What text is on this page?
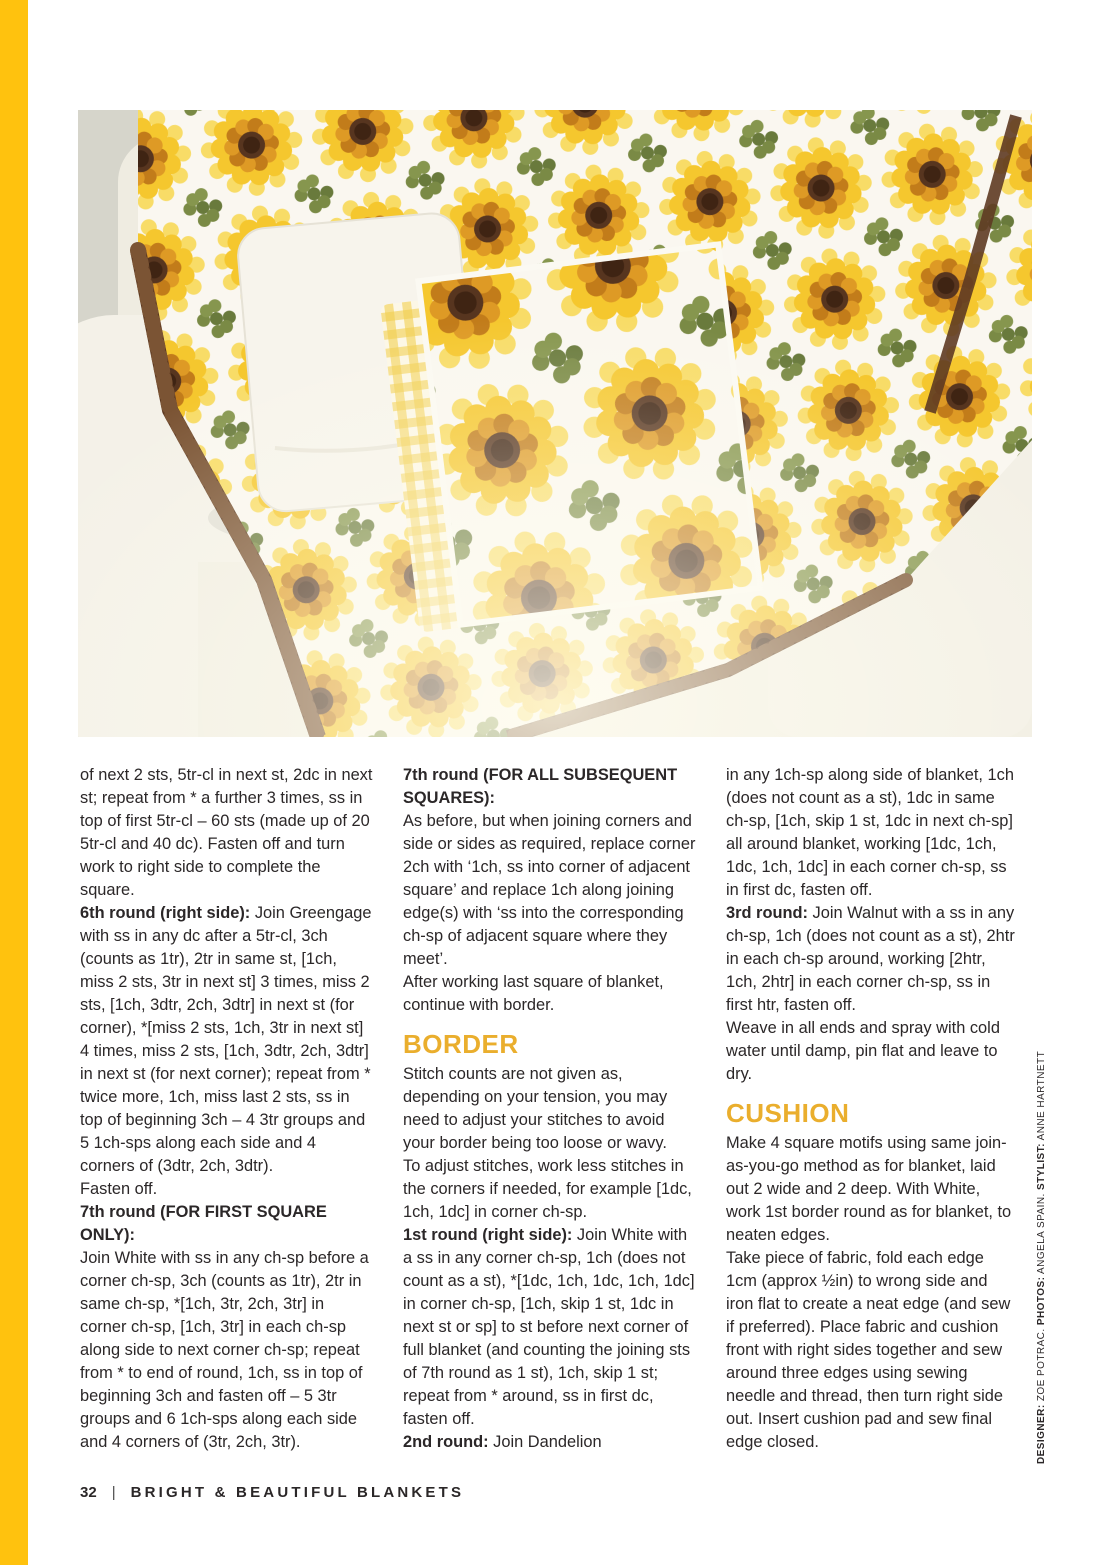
of next 2 sts, 5tr-cl in next st, 2dc in next st; repeat from * a further 3 times, ss in top of first 5tr-cl – 60 sts (made up of 20 5tr-cl and 40 dc). Fasten off and turn work to right side to complete the square.

6th round (right side): Join Greengage with ss in any dc after a 5tr-cl, 3ch (counts as 1tr), 2tr in same st, [1ch, miss 2 sts, 3tr in next st] 3 times, miss 2 sts, [1ch, 3dtr, 2ch, 3dtr] in next st (for corner), *[miss 2 sts, 1ch, 3tr in next st] 4 times, miss 2 sts, [1ch, 3dtr, 2ch, 3dtr] in next st (for next corner); repeat from * twice more, 1ch, miss last 2 sts, ss in top of beginning 3ch – 4 3tr groups and 5 1ch-sps along each side and 4 corners of (3dtr, 2ch, 3dtr).

Fasten off.

7th round (FOR FIRST SQUARE ONLY):
Join White with ss in any ch-sp before a corner ch-sp, 3ch (counts as 1tr), 2tr in same ch-sp, *[1ch, 3tr, 2ch, 3tr] in corner ch-sp, [1ch, 3tr] in each ch-sp along side to next corner ch-sp; repeat from * to end of round, 1ch, ss in top of beginning 3ch and fasten off – 5 3tr groups and 6 1ch-sps along each side and 4 corners of (3tr, 2ch, 3tr).

7th round (FOR ALL SUBSEQUENT SQUARES):
As before, but when joining corners and side or sides as required, replace corner 2ch with ‘1ch, ss into corner of adjacent square’ and replace 1ch along joining edge(s) with ‘ss into the corresponding ch-sp of adjacent square where they meet’.

After working last square of blanket, continue with border.

BORDER

Stitch counts are not given as, depending on your tension, you may need to adjust your stitches to avoid your border being too loose or wavy.

To adjust stitches, work less stitches in the corners if needed, for example [1dc, 1ch, 1dc] in corner ch-sp.

1st round (right side): Join White with a ss in any corner ch-sp, 1ch (does not count as a st), *[1dc, 1ch, 1dc, 1ch, 1dc] in corner ch-sp, [1ch, skip 1 st, 1dc in next st or sp] to st before next corner of full blanket (and counting the joining sts of 7th round as 1 st), 1ch, skip 1 st; repeat from * around, ss in first dc, fasten off.

2nd round: Join Dandelion

in any 1ch-sp along side of blanket, 1ch (does not count as a st), 1dc in same ch-sp, [1ch, skip 1 st, 1dc in next ch-sp] all around blanket, working [1dc, 1ch, 1dc, 1ch, 1dc] in each corner ch-sp, ss in first dc, fasten off.

3rd round: Join Walnut with a ss in any ch-sp, 1ch (does not count as a st), 2htr in each ch-sp around, working [2htr, 1ch, 2htr] in each corner ch-sp, ss in first htr, fasten off.

Weave in all ends and spray with cold water until damp, pin flat and leave to dry.

CUSHION

Make 4 square motifs using same join-as-you-go method as for blanket, laid out 2 wide and 2 deep. With White, work 1st border round as for blanket, to neaten edges.

Take piece of fabric, fold each edge 1cm (approx ½in) to wrong side and iron flat to create a neat edge (and sew if preferred). Place fabric and cushion front with right sides together and sew around three edges using sewing needle and thread, then turn right side out. Insert cushion pad and sew final edge closed.	DESIGNER: ZOE POTRAC. PHOTOS: ANGELA SPAIN. STYLIST: ANNE HARTNETT
32 | BRIGHT & BEAUTIFUL BLANKETS
